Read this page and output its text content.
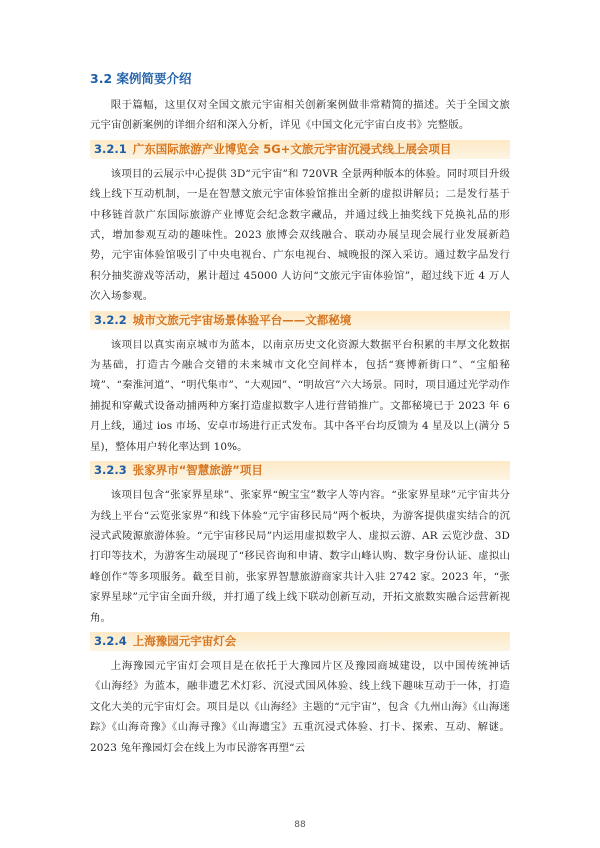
3.2 案例简要介绍

限于篇幅，这里仅对全国文旅元宇宙相关创新案例做非常精简的描述。关于全国文旅元宇宙创新案例的详细介绍和深入分析，详见《中国文化元宇宙白皮书》完整版。

3.2.1 广东国际旅游产业博览会 5G+文旅元宇宙沉浸式线上展会项目

该项目的云展示中心提供 3D“元宇宙”和 720VR 全景两种版本的体验。同时项目升级线上线下互动机制，一是在智慧文旅元宇宙体验馆推出全新的虚拟讲解员；二是发行基于中移链首款广东国际旅游产业博览会纪念数字藏品，并通过线上抽奖线下兑换礼品的形式，增加参观互动的趣味性。2023 旅博会双线融合、联动办展呈现会展行业发展新趋势，元宇宙体验馆吸引了中央电视台、广东电视台、城晚报的深入采访。通过数字品发行积分抽奖游戏等活动，累计超过 45000 人访问“文旅元宇宙体验馆”，超过线下近 4 万人次入场参观。

3.2.2 城市文旅元宇宙场景体验平台——文都秘境

该项目以真实南京城市为蓝本，以南京历史文化资源大数据平台积累的丰厚文化数据为基础，打造古今融合交错的未来城市文化空间样本，包括“赛博新街口”、“宝船秘境”、“秦淮河道”、“明代集市”、“大观园”、“明故宫”六大场景。同时，项目通过光学动作捕捉和穿戴式设备动捕两种方案打造虚拟数字人进行营销推广。文都秘境已于 2023 年 6 月上线，通过 ios 市场、安卓市场进行正式发布。其中各平台均反馈为 4 星及以上(满分 5 星)，整体用户转化率达到 10%。

3.2.3 张家界市“智慧旅游”项目

该项目包含“张家界星球”、张家界“鲵宝宝”数字人等内容。“张家界星球”元宇宙共分为线上平台“云览张家界”和线下体验“元宇宙移民局”两个板块，为游客提供虚实结合的沉浸式武陵源旅游体验。“元宇宙移民局”内运用虚拟数字人、虚拟云游、AR 云览沙盘、3D 打印等技术，为游客生动展现了“移民咨询和申请、数字山峰认购、数字身份认证、虚拟山峰创作”等多项服务。截至目前，张家界智慧旅游商家共计入驻 2742 家。2023 年，“张家界星球”元宇宙全面升级，并打通了线上线下联动创新互动，开拓文旅数实融合运营新视角。

3.2.4 上海豫园元宇宙灯会

上海豫园元宇宙灯会项目是在依托于大豫园片区及豫园商城建设，以中国传统神话《山海经》为蓝本，融非遗艺术灯彩、沉浸式国风体验、线上线下趣味互动于一体，打造文化大美的元宇宙灯会。项目是以《山海经》主题的“元宇宙”，包含《九州山海》《山海迷踪》《山海奇豫》《山海寻豫》《山海遗宝》五重沉浸式体验、打卡、探索、互动、解谜。2023 兔年豫园灯会在线上为市民游客再塑“云

88
